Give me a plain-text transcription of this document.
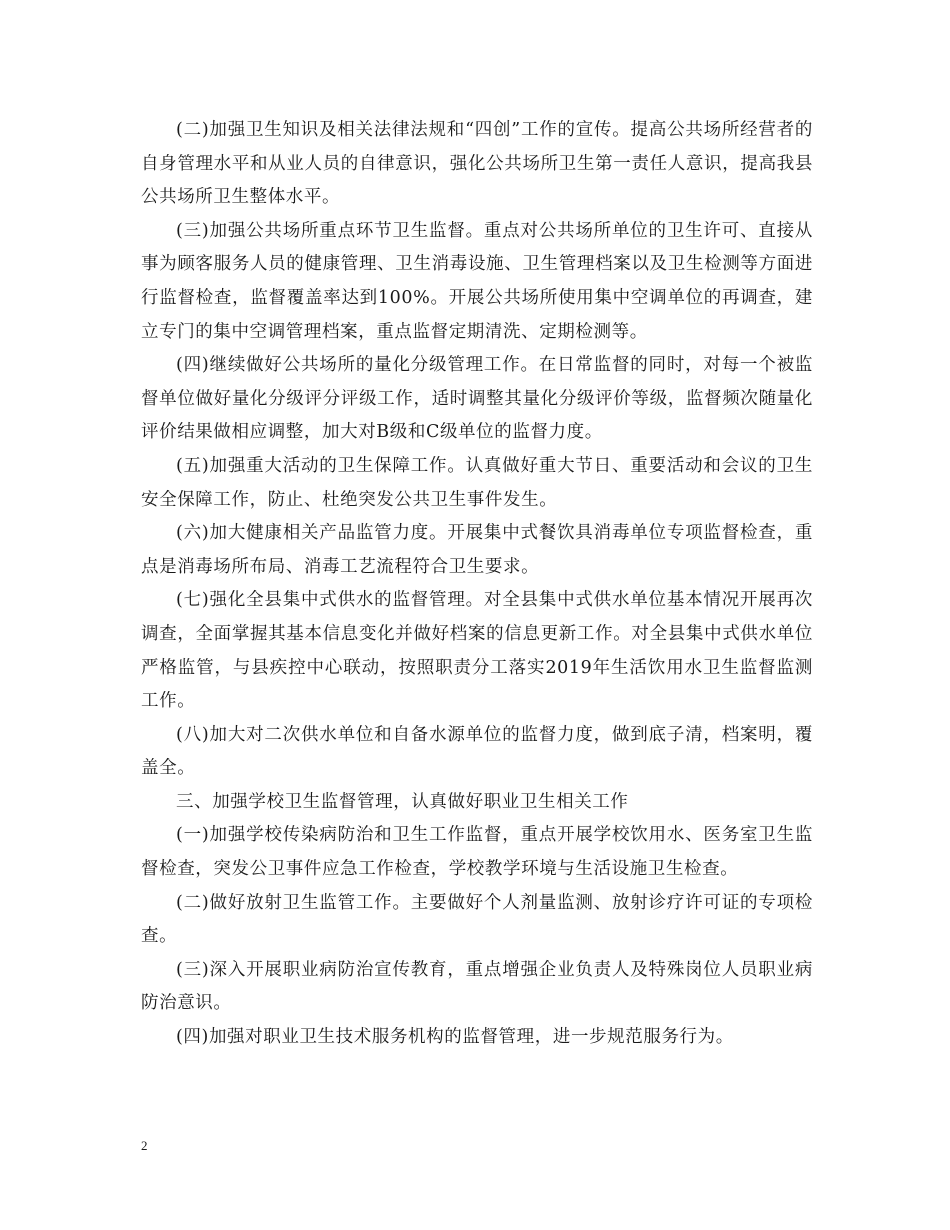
(二)加强卫生知识及相关法律法规和“四创”工作的宣传。提高公共场所经营者的自身管理水平和从业人员的自律意识，强化公共场所卫生第一责任人意识，提高我县公共场所卫生整体水平。

(三)加强公共场所重点环节卫生监督。重点对公共场所单位的卫生许可、直接从事为顾客服务人员的健康管理、卫生消毒设施、卫生管理档案以及卫生检测等方面进行监督检查，监督覆盖率达到100%。开展公共场所使用集中空调单位的再调查，建立专门的集中空调管理档案，重点监督定期清洗、定期检测等。

(四)继续做好公共场所的量化分级管理工作。在日常监督的同时，对每一个被监督单位做好量化分级评分评级工作，适时调整其量化分级评价等级，监督频次随量化评价结果做相应调整，加大对B级和C级单位的监督力度。

(五)加强重大活动的卫生保障工作。认真做好重大节日、重要活动和会议的卫生安全保障工作，防止、杜绝突发公共卫生事件发生。

(六)加大健康相关产品监管力度。开展集中式餐饮具消毒单位专项监督检查，重点是消毒场所布局、消毒工艺流程符合卫生要求。

(七)强化全县集中式供水的监督管理。对全县集中式供水单位基本情况开展再次调查，全面掌握其基本信息变化并做好档案的信息更新工作。对全县集中式供水单位严格监管，与县疾控中心联动，按照职责分工落实2019年生活饮用水卫生监督监测工作。

(八)加大对二次供水单位和自备水源单位的监督力度，做到底子清，档案明，覆盖全。

三、加强学校卫生监督管理，认真做好职业卫生相关工作

(一)加强学校传染病防治和卫生工作监督，重点开展学校饮用水、医务室卫生监督检查，突发公卫事件应急工作检查，学校教学环境与生活设施卫生检查。

(二)做好放射卫生监管工作。主要做好个人剂量监测、放射诊疗许可证的专项检查。

(三)深入开展职业病防治宣传教育，重点增强企业负责人及特殊岗位人员职业病防治意识。

(四)加强对职业卫生技术服务机构的监督管理，进一步规范服务行为。

2
